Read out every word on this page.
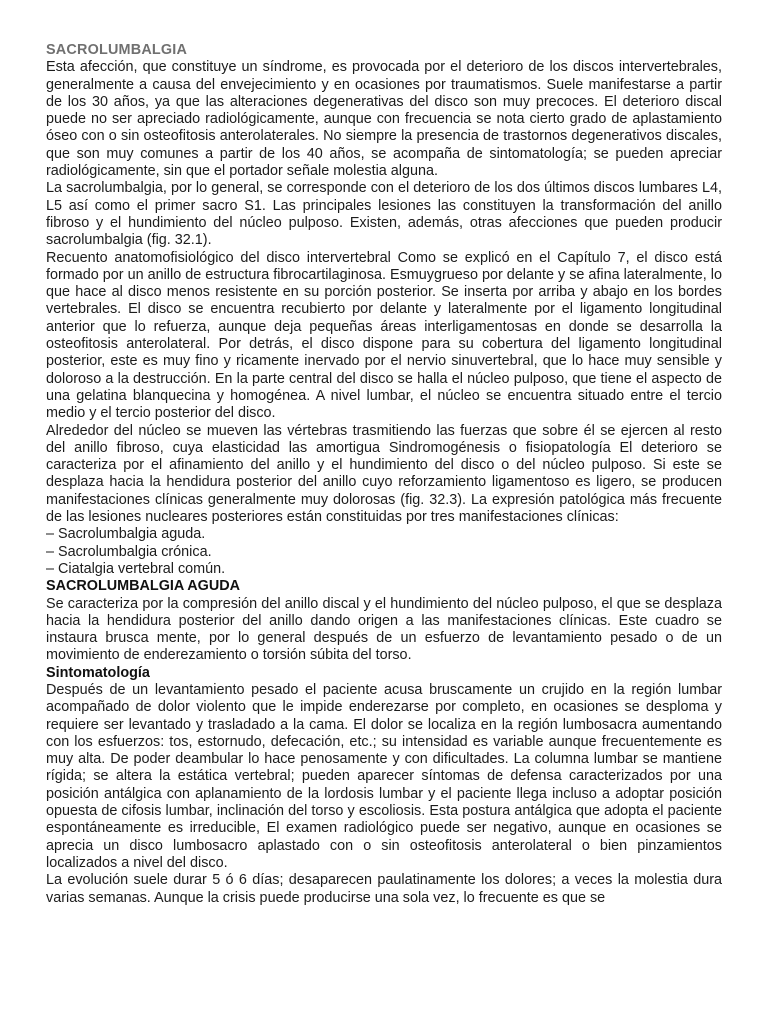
SACROLUMBALGIA

Esta afección, que constituye un síndrome, es provocada por el deterioro de los discos intervertebrales, generalmente a causa del envejecimiento y en ocasiones por traumatismos. Suele manifestarse a partir de los 30 años, ya que las alteraciones degenerativas del disco son muy precoces. El deterioro discal puede no ser apreciado radiológicamente, aunque con frecuencia se nota cierto grado de aplastamiento óseo con o sin osteofitosis anterolaterales. No siempre la presencia de trastornos degenerativos discales, que son muy comunes a partir de los 40 años, se acompaña de sintomatología; se pueden apreciar radiológicamente, sin que el portador señale molestia alguna.

La sacrolumbalgia, por lo general, se corresponde con el deterioro de los dos últimos discos lumbares L4, L5 así como el primer sacro S1. Las principales lesiones las constituyen la transformación del anillo fibroso y el hundimiento del núcleo pulposo. Existen, además, otras afecciones que pueden producir sacrolumbalgia (fig. 32.1).

Recuento anatomofisiológico del disco intervertebral Como se explicó en el Capítulo 7, el disco está formado por un anillo de estructura fibrocartilaginosa. Esmuygrueso por delante y se afina lateralmente, lo que hace al disco menos resistente en su porción posterior. Se inserta por arriba y abajo en los bordes vertebrales. El disco se encuentra recubierto por delante y lateralmente por el ligamento longitudinal anterior que lo refuerza, aunque deja pequeñas áreas interligamentosas en donde se desarrolla la osteofitosis anterolateral. Por detrás, el disco dispone para su cobertura del ligamento longitudinal posterior, este es muy fino y ricamente inervado por el nervio sinuvertebral, que lo hace muy sensible y doloroso a la destrucción. En la parte central del disco se halla el núcleo pulposo, que tiene el aspecto de una gelatina blanquecina y homogénea. A nivel lumbar, el núcleo se encuentra situado entre el tercio medio y el tercio posterior del disco.

Alrededor del núcleo se mueven las vértebras trasmitiendo las fuerzas que sobre él se ejercen al resto del anillo fibroso, cuya elasticidad las amortigua Sindromogénesis o fisiopatología El deterioro se caracteriza por el afinamiento del anillo y el hundimiento del disco o del núcleo pulposo. Si este se desplaza hacia la hendidura posterior del anillo cuyo reforzamiento ligamentoso es ligero, se producen manifestaciones clínicas generalmente muy dolorosas (fig. 32.3). La expresión patológica más frecuente de las lesiones nucleares posteriores están constituidas por tres manifestaciones clínicas:

– Sacrolumbalgia aguda.
– Sacrolumbalgia crónica.
– Ciatalgia vertebral común.
SACROLUMBALGIA AGUDA

Se caracteriza por la compresión del anillo discal y el hundimiento del núcleo pulposo, el que se desplaza hacia la hendidura posterior del anillo dando origen a las manifestaciones clínicas. Este cuadro se instaura brusca mente, por lo general después de un esfuerzo de levantamiento pesado o de un movimiento de enderezamiento o torsión súbita del torso.

Sintomatología

Después de un levantamiento pesado el paciente acusa bruscamente un crujido en la región lumbar acompañado de dolor violento que le impide enderezarse por completo, en ocasiones se desploma y requiere ser levantado y trasladado a la cama. El dolor se localiza en la región lumbosacra aumentando con los esfuerzos: tos, estornudo, defecación, etc.; su intensidad es variable aunque frecuentemente es muy alta. De poder deambular lo hace penosamente y con dificultades. La columna lumbar se mantiene rígida; se altera la estática vertebral; pueden aparecer síntomas de defensa caracterizados por una posición antálgica con aplanamiento de la lordosis lumbar y el paciente llega incluso a adoptar posición opuesta de cifosis lumbar, inclinación del torso y escoliosis. Esta postura antálgica que adopta el paciente espontáneamente es irreducible, El examen radiológico puede ser negativo, aunque en ocasiones se aprecia un disco lumbosacro aplastado con o sin osteofitosis anterolateral o bien pinzamientos localizados a nivel del disco.

La evolución suele durar 5 ó 6 días; desaparecen paulatinamente los dolores; a veces la molestia dura varias semanas. Aunque la crisis puede producirse una sola vez, lo frecuente es que se
